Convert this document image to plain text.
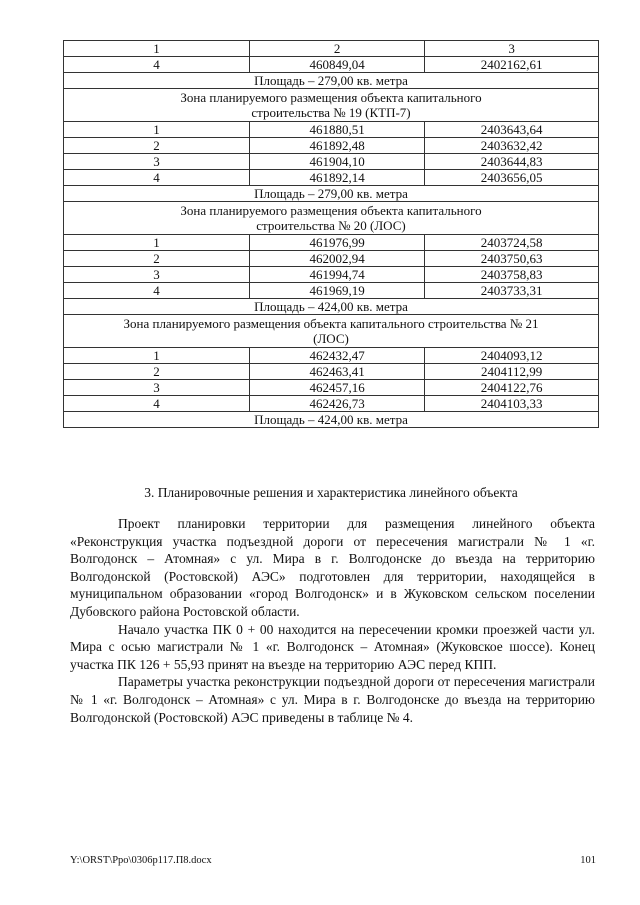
1	2	3
4	460849,04	2402162,61
Площадь – 279,00 кв. метра		

Зона планируемого размещения объекта капитального
строительства № 19 (КТП-7)		

1	461880,51	2403643,64
2	461892,48	2403632,42
3	461904,10	2403644,83
4	461892,14	2403656,05
Площадь – 279,00 кв. метра		

Зона планируемого размещения объекта капитального
строительства № 20 (ЛОС)		

1	461976,99	2403724,58
2	462002,94	2403750,63
3	461994,74	2403758,83
4	461969,19	2403733,31
Площадь – 424,00 кв. метра		

Зона планируемого размещения объекта капитального строительства № 21
(ЛОС)		

1	462432,47	2404093,12
2	462463,41	2404112,99
3	462457,16	2404122,76
4	462426,73	2404103,33
Площадь – 424,00 кв. метра		
3. Планировочные решения и характеристика линейного объекта

Проект планировки территории для размещения линейного объекта «Реконструкция участка подъездной дороги от пересечения магистрали № 1 «г. Волгодонск – Атомная» с ул. Мира в г. Волгодонске до въезда на территорию Волгодонской (Ростовской) АЭС» подготовлен для территории, находящейся в муниципальном образовании «город Волгодонск» и в Жуковском сельском поселении Дубовского района Ростовской области.

Начало участка ПК 0 + 00 находится на пересечении кромки проезжей части ул. Мира с осью магистрали № 1 «г. Волгодонск – Атомная» (Жуковское шоссе). Конец участка ПК 126 + 55,93 принят на въезде на территорию АЭС перед КПП.

Параметры участка реконструкции подъездной дороги от пересечения магистрали № 1 «г. Волгодонск – Атомная» с ул. Мира в г. Волгодонске до въезда на территорию Волгодонской (Ростовской) АЭС приведены в таблице № 4.

Y:\ORST\Ppo\0306p117.П8.docx	101
